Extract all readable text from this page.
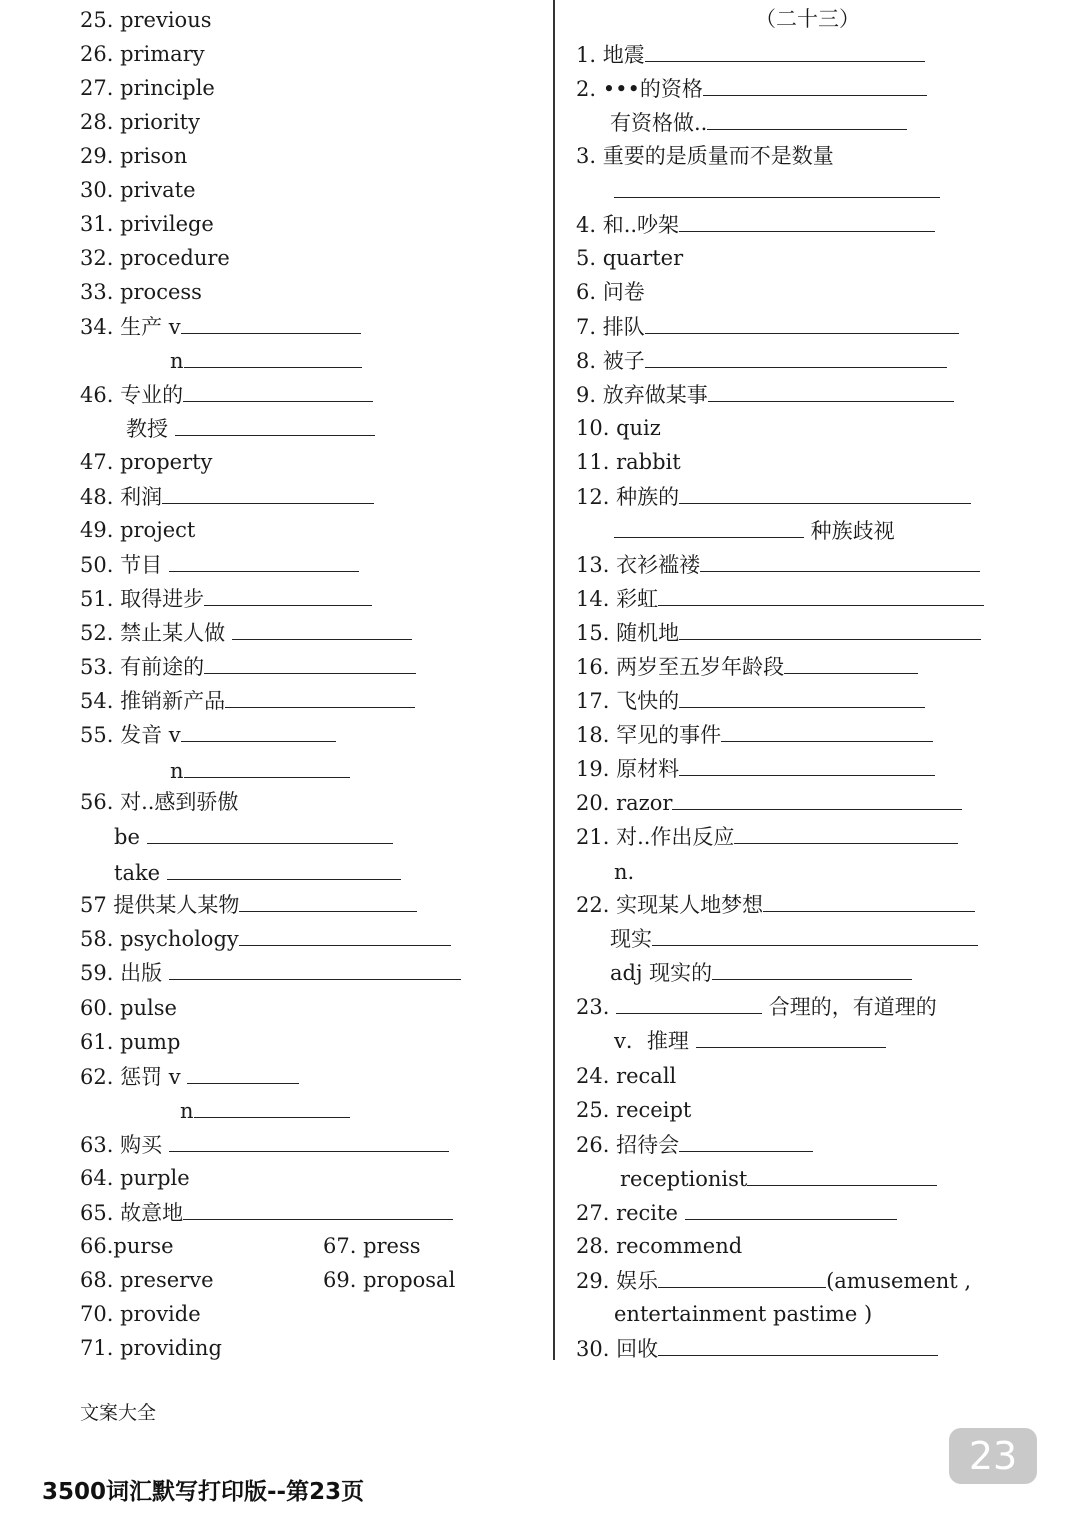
（二十三）
25. previous
26. primary
27. principle
28. priority
29. prison
30. private
31. privilege
32. procedure
33. process
34. 生产 v
n
46. 专业的
教授
47. property
48. 利润
49. project
50. 节目
51. 取得进步
52. 禁止某人做
53. 有前途的
54. 推销新产品
55. 发音 v
n
56. 对..感到骄傲
be
take
57 提供某人某物
58. psychology
59. 出版
60. pulse
61. pump
62. 惩罚 v
n
63. 购买
64. purple
65. 故意地
66.purse	67. press
68. preserve	69. proposal
70. provide
71. providing
1. 地震
2. •••的资格
有资格做..
3. 重要的是质量而不是数量
4. 和..吵架
5. quarter
6. 问卷
7. 排队
8. 被子
9. 放弃做某事
10. quiz
11. rabbit
12. 种族的
种族歧视
13. 衣衫褴褛
14. 彩虹
15. 随机地
16. 两岁至五岁年龄段
17. 飞快的
18. 罕见的事件
19. 原材料
20. razor
21. 对..作出反应
n.
22. 实现某人地梦想
现实
adj 现实的
23.	合理的，有道理的
v．推理
24. recall
25. receipt
26. 招待会
receptionist
27. recite
28. recommend
29. 娱乐	(amusement ,
entertainment pastime )
30. 回收
文案大全
23
3500词汇默写打印版--第23页
